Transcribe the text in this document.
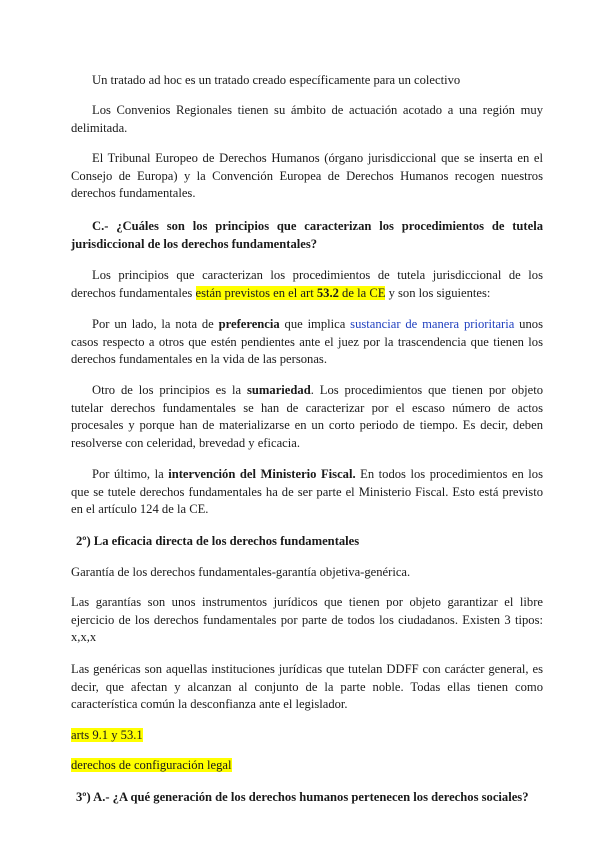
Un tratado ad hoc es un tratado creado específicamente para un colectivo

Los Convenios Regionales tienen su ámbito de actuación acotado a una región muy delimitada.

El Tribunal Europeo de Derechos Humanos (órgano jurisdiccional que se inserta en el Consejo de Europa) y la Convención Europea de Derechos Humanos recogen nuestros derechos fundamentales.

C.- ¿Cuáles son los principios que caracterizan los procedimientos de tutela jurisdiccional de los derechos fundamentales?

Los principios que caracterizan los procedimientos de tutela jurisdiccional de los derechos fundamentales están previstos en el art 53.2 de la CE y son los siguientes:

Por un lado, la nota de preferencia que implica sustanciar de manera prioritaria unos casos respecto a otros que estén pendientes ante el juez por la trascendencia que tienen los derechos fundamentales en la vida de las personas.

Otro de los principios es la sumariedad. Los procedimientos que tienen por objeto tutelar derechos fundamentales se han de caracterizar por el escaso número de actos procesales y porque han de materializarse en un corto periodo de tiempo. Es decir, deben resolverse con celeridad, brevedad y eficacia.

Por último, la intervención del Ministerio Fiscal. En todos los procedimientos en los que se tutele derechos fundamentales ha de ser parte el Ministerio Fiscal. Esto está previsto en el artículo 124 de la CE.

2º) La eficacia directa de los derechos fundamentales

Garantía de los derechos fundamentales-garantía objetiva-genérica.

Las garantías son unos instrumentos jurídicos que tienen por objeto garantizar el libre ejercicio de los derechos fundamentales por parte de todos los ciudadanos. Existen 3 tipos: x,x,x

Las genéricas son aquellas instituciones jurídicas que tutelan DDFF con carácter general, es decir, que afectan y alcanzan al conjunto de la parte noble. Todas ellas tienen como característica común la desconfianza ante el legislador.

arts 9.1 y 53.1

derechos de configuración legal

3º) A.- ¿A qué generación de los derechos humanos pertenecen los derechos sociales?
